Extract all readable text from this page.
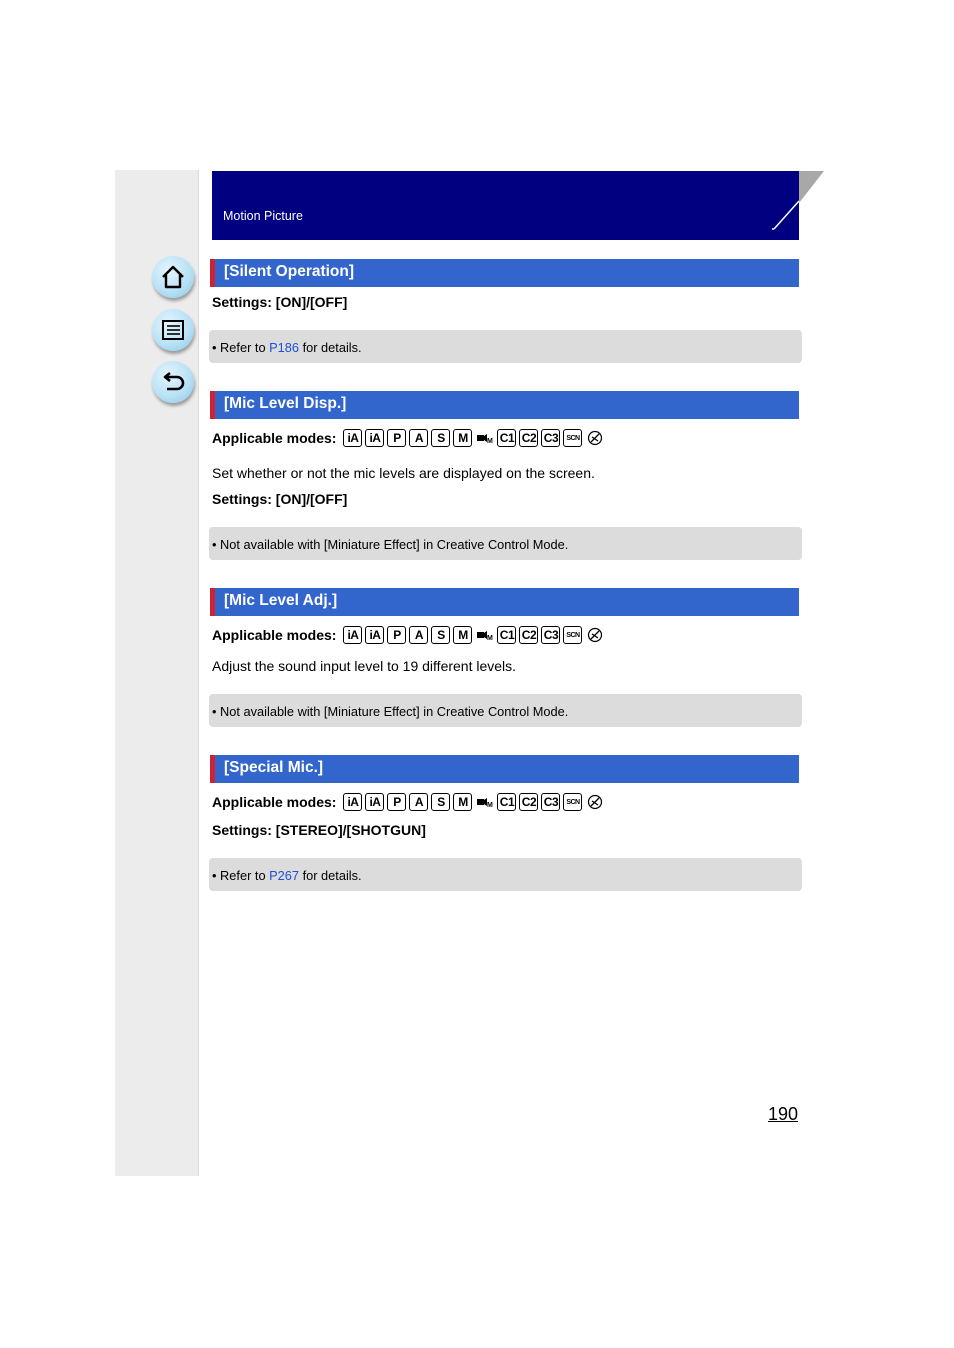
Motion Picture
[Silent Operation]
Settings: [ON]/[OFF]
• Refer to P186 for details.
[Mic Level Disp.]
Applicable modes: iA iA	P	A	S	M	M C1 C2 C3	SCN
Set whether or not the mic levels are displayed on the screen.
Settings: [ON]/[OFF]
• Not available with [Miniature Effect] in Creative Control Mode.
[Mic Level Adj.]
Applicable modes: iA iA	P	A	S	M	M C1 C2 C3	SCN
Adjust the sound input level to 19 different levels.
• Not available with [Miniature Effect] in Creative Control Mode.
[Special Mic.]
Applicable modes: iA iA	P	A	S	M	M C1 C2 C3	SCN
Settings: [STEREO]/[SHOTGUN]
• Refer to P267 for details.
190
